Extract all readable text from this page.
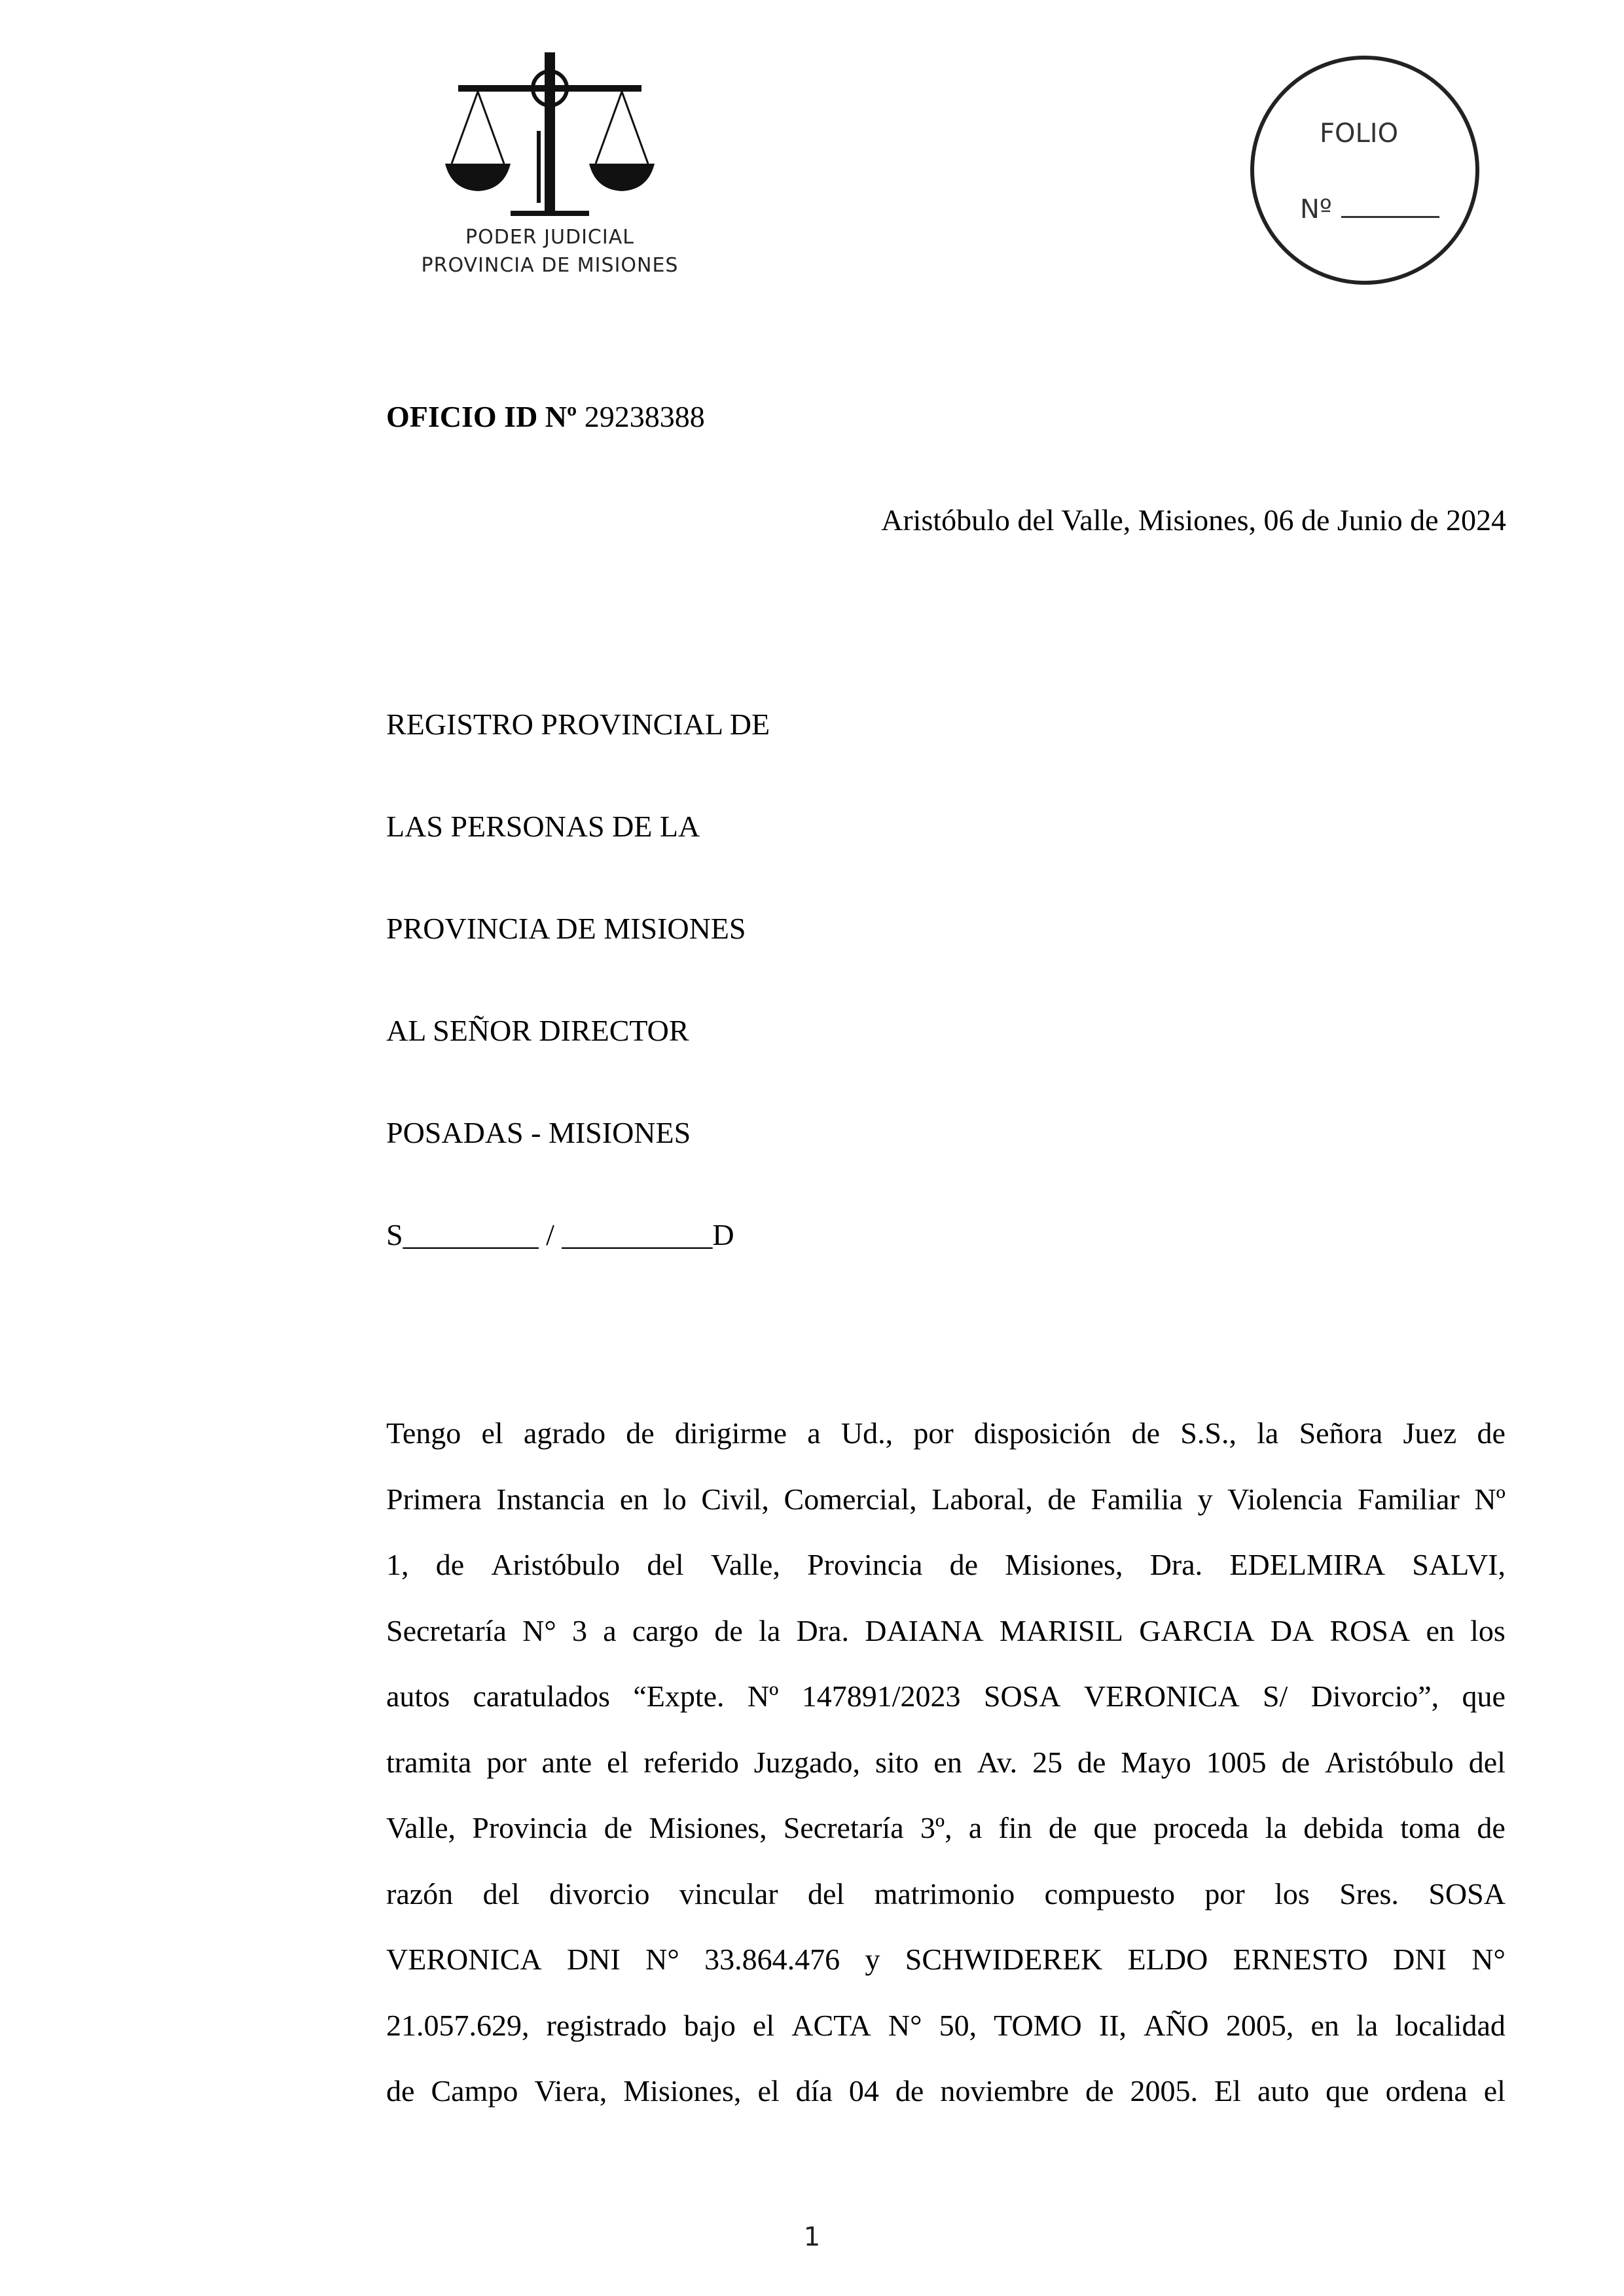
PODER JUDICIAL
PROVINCIA DE MISIONES
FOLIO
Nº
OFICIO ID Nº 29238388
Aristóbulo del Valle, Misiones, 06 de Junio de 2024
REGISTRO PROVINCIAL DE
LAS PERSONAS DE LA
PROVINCIA DE MISIONES
AL SEÑOR DIRECTOR
POSADAS - MISIONES
S_________ / __________D
Tengo el agrado de dirigirme a Ud., por disposición de S.S., la Señora Juez de
Primera Instancia en lo Civil, Comercial, Laboral, de Familia y Violencia Familiar Nº
1, de Aristóbulo del Valle, Provincia de Misiones, Dra. EDELMIRA SALVI,
Secretaría N° 3 a cargo de la Dra. DAIANA MARISIL GARCIA DA ROSA en los
autos caratulados “Expte. Nº 147891/2023 SOSA VERONICA S/ Divorcio”, que
tramita por ante el referido Juzgado, sito en Av. 25 de Mayo 1005 de Aristóbulo del
Valle, Provincia de Misiones, Secretaría 3º, a fin de que proceda la debida toma de
razón del divorcio vincular del matrimonio compuesto por los Sres. SOSA
VERONICA DNI N° 33.864.476 y SCHWIDEREK ELDO ERNESTO DNI N°
21.057.629, registrado bajo el ACTA N° 50, TOMO II, AÑO 2005, en la localidad
de Campo Viera, Misiones, el día 04 de noviembre de 2005. El auto que ordena el
1
